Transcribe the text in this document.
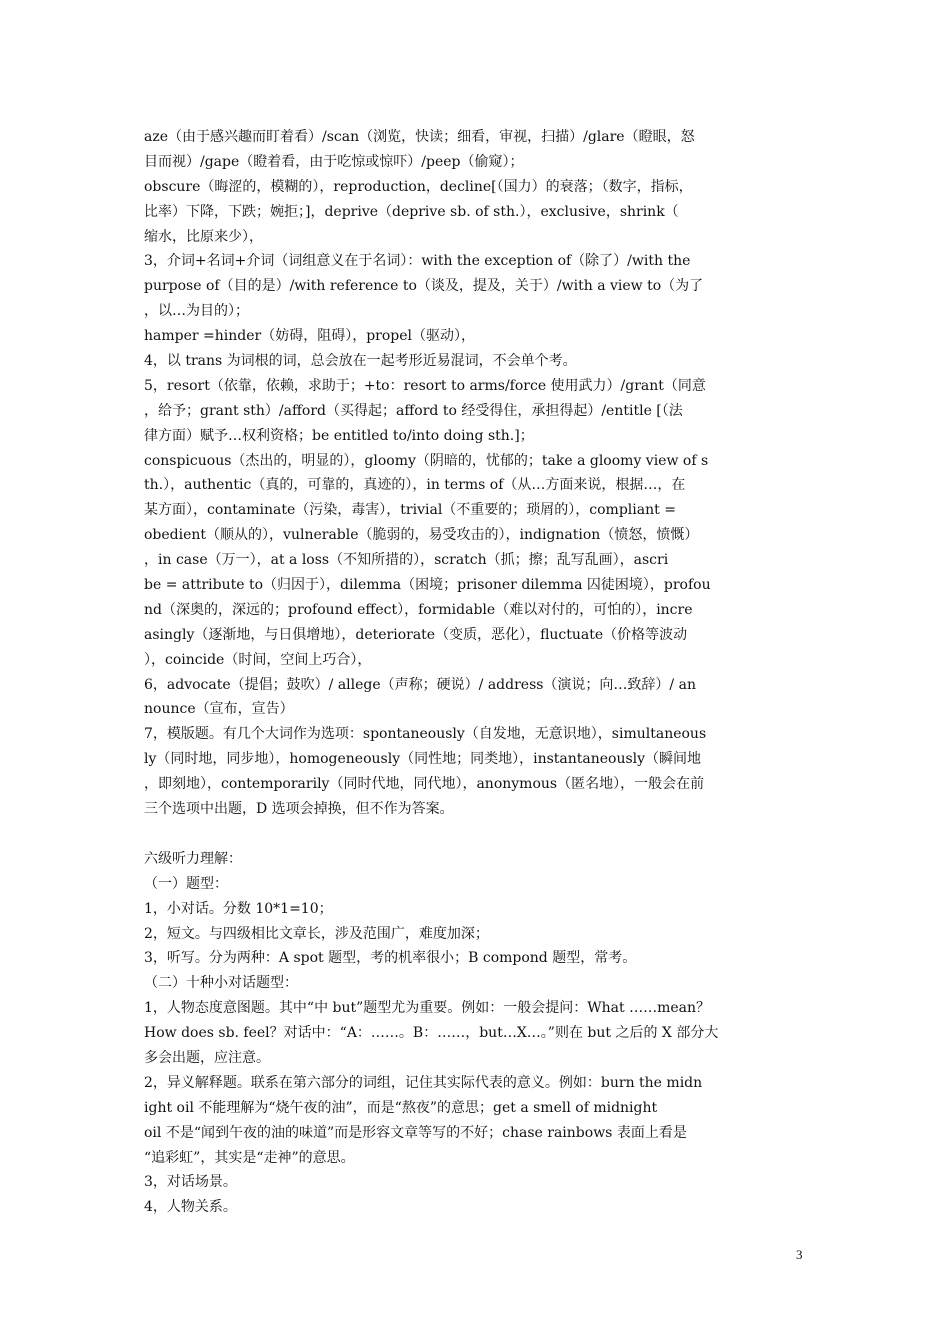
aze（由于感兴趣而盯着看）/scan（浏览，快读；细看，审视，扫描）/glare（瞪眼，怒
目而视）/gape（瞪着看，由于吃惊或惊吓）/peep（偷窥）；
obscure（晦涩的，模糊的），reproduction，decline[（国力）的衰落；（数字，指标，
比率）下降，下跌；婉拒；]，deprive（deprive sb. of sth.），exclusive，shrink（
缩水，比原来少），
3，介词+名词+介词（词组意义在于名词）：with the exception of（除了）/with the
purpose of（目的是）/with reference to（谈及，提及，关于）/with a view to（为了
，以…为目的）；
hamper =hinder（妨碍，阻碍），propel（驱动），
4，以 trans 为词根的词，总会放在一起考形近易混词，不会单个考。
5，resort（依靠，依赖，求助于；+to：resort to arms/force 使用武力）/grant（同意
，给予；grant sth）/afford（买得起；afford to 经受得住，承担得起）/entitle [（法
律方面）赋予…权利资格；be entitled to/into doing sth.]；
conspicuous（杰出的，明显的），gloomy（阴暗的，忧郁的；take a gloomy view of s
th.），authentic（真的，可靠的，真迹的），in terms of（从…方面来说，根据…，在
某方面），contaminate（污染，毒害），trivial（不重要的；琐屑的），compliant =
obedient（顺从的），vulnerable（脆弱的，易受攻击的），indignation（愤怒，愤慨）
，in case（万一），at a loss（不知所措的），scratch（抓；擦；乱写乱画），ascri
be = attribute to（归因于），dilemma（困境；prisoner dilemma 囚徒困境），profou
nd（深奥的，深远的；profound effect），formidable（难以对付的，可怕的），incre
asingly（逐渐地，与日俱增地），deteriorate（变质，恶化），fluctuate（价格等波动
），coincide（时间，空间上巧合），
6，advocate（提倡；鼓吹）/ allege（声称；硬说）/ address（演说；向…致辞）/ an
nounce（宣布，宣告）
7，模版题。有几个大词作为选项：spontaneously（自发地，无意识地），simultaneous
ly（同时地，同步地），homogeneously（同性地；同类地），instantaneously（瞬间地
，即刻地），contemporarily（同时代地，同代地），anonymous（匿名地），一般会在前
三个选项中出题，D 选项会掉换，但不作为答案。
六级听力理解：
（一）题型：
1，小对话。分数 10*1=10；
2，短文。与四级相比文章长，涉及范围广，难度加深；
3，听写。分为两种：A spot 题型，考的机率很小；B compond 题型，常考。
（二）十种小对话题型：
1，人物态度意图题。其中“中 but”题型尤为重要。例如：一般会提问：What ……mean？
How does sb. feel？对话中：“A：……。B：……，but…X…。”则在 but 之后的 X 部分大
多会出题，应注意。
2，异义解释题。联系在第六部分的词组，记住其实际代表的意义。例如：burn the midn
ight oil 不能理解为“烧午夜的油”，而是“熬夜”的意思；get a smell of midnight
oil 不是“闻到午夜的油的味道”而是形容文章等写的不好；chase rainbows 表面上看是
“追彩虹”，其实是“走神”的意思。
3，对话场景。
4，人物关系。
3
